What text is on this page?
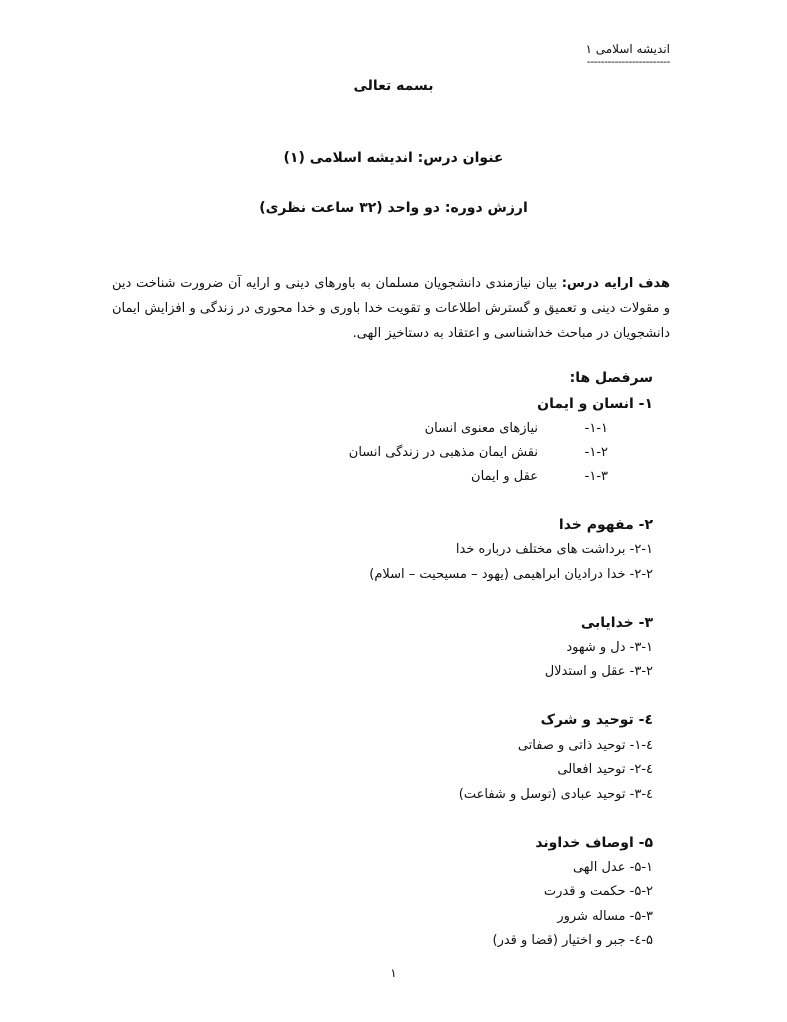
اندیشه اسلامی ۱
------------------------
بسمه تعالی
عنوان درس: اندیشه اسلامی (۱)
ارزش دوره: دو واحد (۳۲ ساعت نظری)
هدف ارایه درس: بیان نیازمندی دانشجویان مسلمان به باورهای دینی و ارایه آن ضرورت شناخت دین و مقولات دینی و تعمیق و گسترش اطلاعات و تقویت خدا باوری و خدا محوری در زندگی و افزایش ایمان دانشجویان در مباحث خداشناسی و اعتقاد به دستاخیز الهی.
سرفصل ها:
۱- انسان و ایمان
۱-۱-
نیازهای معنوی انسان
۱-۲-
نقش ایمان مذهبی در زندگی انسان
۱-۳-
عقل و ایمان
۲- مفهوم خدا
۲-۱- برداشت های مختلف درباره خدا
۲-۲- خدا درادیان ابراهیمی (یهود – مسیحیت – اسلام)
۳- خدایابی
۳-۱- دل و شهود
۳-۲- عقل و استدلال
٤- توحید و شرک
٤-۱- توحید ذاتی و صفاتی
٤-۲- توحید افعالی
٤-۳- توحید عبادی (توسل و شفاعت)
۵- اوصاف خداوند
۵-۱- عدل الهی
۵-۲- حکمت و قدرت
۵-۳- مساله شرور
۵-٤- جبر و اختیار (قضا و قدر)
۱
